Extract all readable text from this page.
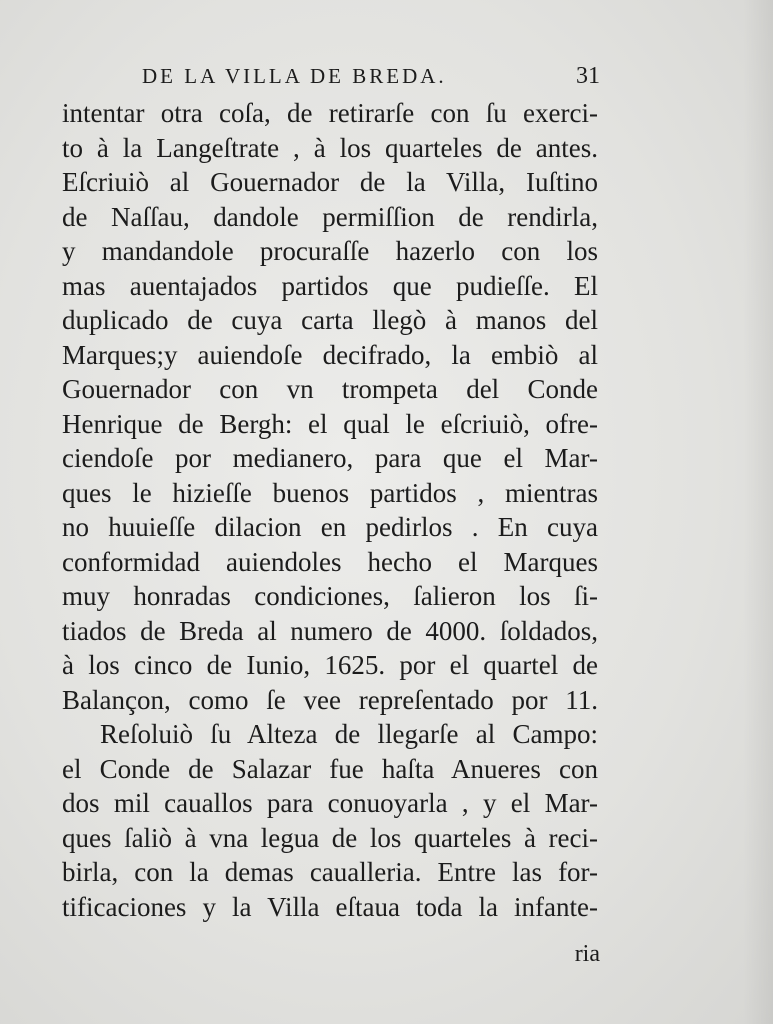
DE LA VILLA DE BREDA.	31
intentar otra coſa, de retirarſe con ſu exerci-
to à la Langeſtrate , à los quarteles de antes.
Eſcriuiò al Gouernador de la Villa, Iuſtino
de Naſſau, dandole permiſſion de rendirla,
y mandandole procuraſſe hazerlo con los
mas auentajados partidos que pudieſſe. El
duplicado de cuya carta llegò à manos del
Marques;y auiendoſe decifrado, la embiò al
Gouernador con vn trompeta del Conde
Henrique de Bergh: el qual le eſcriuiò, ofre-
ciendoſe por medianero, para que el Mar-
ques le hizieſſe buenos partidos , mientras
no huuieſſe dilacion en pedirlos . En cuya
conformidad auiendoles hecho el Marques
muy honradas condiciones, ſalieron los ſi-
tiados de Breda al numero de 4000. ſoldados,
à los cinco de Iunio, 1625. por el quartel de
Balançon, como ſe vee repreſentado por 11.
Reſoluiò ſu Alteza de llegarſe al Campo:
el Conde de Salazar fue haſta Anueres con
dos mil cauallos para conuoyarla , y el Mar-
ques ſaliò à vna legua de los quarteles à reci-
birla, con la demas caualleria. Entre las for-
tificaciones y la Villa eſtaua toda la infante-
ria
